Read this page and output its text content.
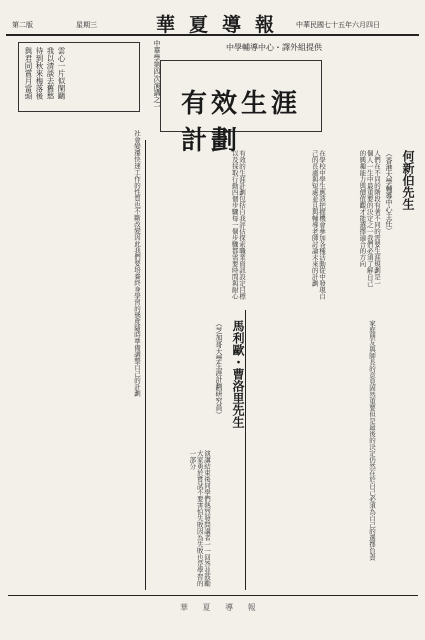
第二版	星期三	華夏導報 中華民國七十五年六月四日
雲心一片似閑鷗 我以清談去舊愁 待到秋來梅落後 與君同賞月當頭	中華學第四次演講之一 有效生涯計劃
中學輔導中心・譯外組提供
何新伯先生
（香港大學輔導中心主任）
馬利歐・曹洛里先生
（芝加哥大學生涯計劃研究員）
人們在不同的階段有著不同的需要生涯規劃是一個人一生中最重要的決定之一我們必須了解自己的興趣能力與價值觀才能選擇適合的方向
在學校中學生應該把握機會參加各種活動從中發現自己的長處與短處並且與輔導老師討論未來的計劃
有效的生涯計劃包括自我評估探索職業資訊設定目標以及採取行動四個步驟每一個步驟都需要時間與耐心
社會變遷快速工作的性質也不斷改變因此我們要培養終身學習的態度隨時準備調整自己的計劃
家庭朋友與師長的意見固然重要但是最後的決定仍然在於自己必須為自己的選擇負責
演講結束後同學們熱烈發問講者一一回答並鼓勵大家勇於嘗試不要害怕失敗因為失敗也是學習的一部分
華 夏 導 報
